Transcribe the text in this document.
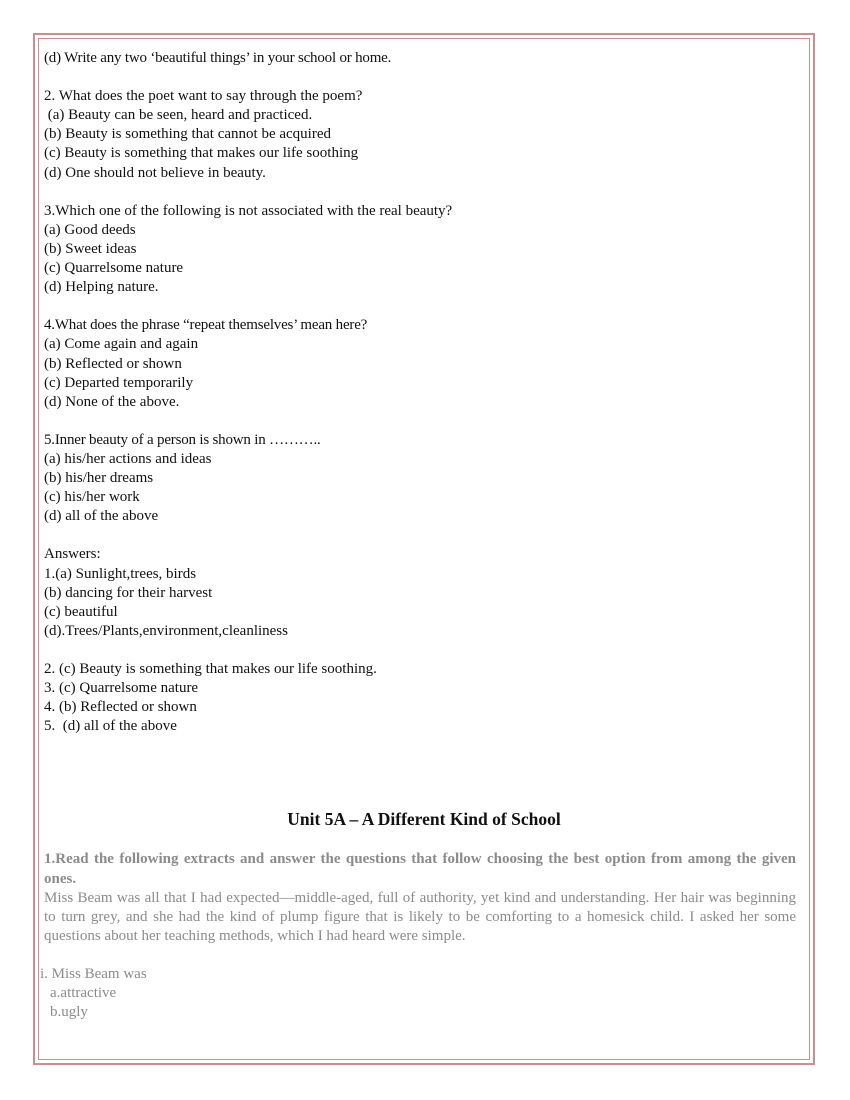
(d) Write any two ‘beautiful things’ in your school or home.
2. What does the poet want to say through the poem?
(a) Beauty can be seen, heard and practiced.
(b) Beauty is something that cannot be acquired
(c) Beauty is something that makes our life soothing
(d) One should not believe in beauty.
3.Which one of the following is not associated with the real beauty?
(a) Good deeds
(b) Sweet ideas
(c) Quarrelsome nature
(d) Helping nature.
4.What does the phrase “repeat themselves’ mean here?
(a) Come again and again
(b) Reflected or shown
(c) Departed temporarily
(d) None of the above.
5.Inner beauty of a person is shown in ………..
(a) his/her actions and ideas
(b) his/her dreams
(c) his/her work
(d) all of the above
Answers:
1.(a) Sunlight,trees, birds
(b) dancing for their harvest
(c) beautiful
(d).Trees/Plants,environment,cleanliness
2. (c) Beauty is something that makes our life soothing.
3. (c) Quarrelsome nature
4. (b) Reflected or shown
5.  (d) all of the above
Unit 5A – A Different Kind of School
1.Read the following extracts and answer the questions that follow choosing the best option from among the given ones.
Miss Beam was all that I had expected—middle-aged, full of authority, yet kind and understanding. Her hair was beginning to turn grey, and she had the kind of plump figure that is likely to be comforting to a homesick child. I asked her some questions about her teaching methods, which I had heard were simple.
i. Miss Beam was
a.attractive
b.ugly
